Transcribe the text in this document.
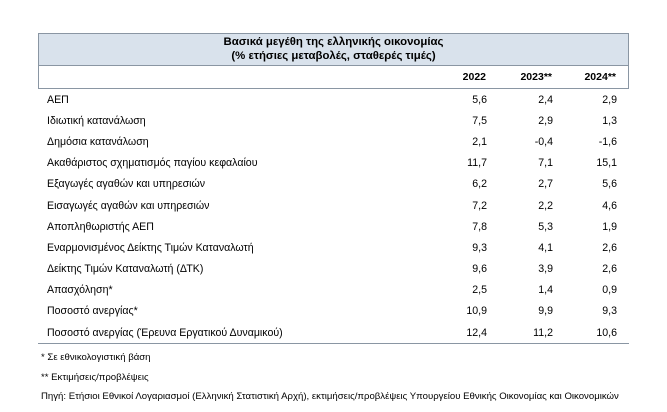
Βασικά μεγέθη της ελληνικής οικονομίας
(% ετήσιες μεταβολές, σταθερές τιμές)
2022	2023**	2024**
ΑΕΠ	5,6	2,4	2,9
Ιδιωτική κατανάλωση	7,5	2,9	1,3
Δημόσια κατανάλωση	2,1	-0,4	-1,6
Ακαθάριστος σχηματισμός παγίου κεφαλαίου	11,7	7,1	15,1
Εξαγωγές αγαθών και υπηρεσιών	6,2	2,7	5,6
Εισαγωγές αγαθών και υπηρεσιών	7,2	2,2	4,6
Αποπληθωριστής ΑΕΠ	7,8	5,3	1,9
Εναρμονισμένος Δείκτης Τιμών Καταναλωτή	9,3	4,1	2,6
Δείκτης Τιμών Καταναλωτή (ΔΤΚ)	9,6	3,9	2,6
Απασχόληση*	2,5	1,4	0,9
Ποσοστό ανεργίας*	10,9	9,9	9,3
Ποσοστό ανεργίας (Έρευνα Εργατικού Δυναμικού)	12,4	11,2	10,6

* Σε εθνικολογιστική βάση

** Εκτιμήσεις/προβλέψεις

Πηγή: Ετήσιοι Εθνικοί Λογαριασμοί (Ελληνική Στατιστική Αρχή), εκτιμήσεις/προβλέψεις Υπουργείου Εθνικής Οικονομίας και Οικονομικών
